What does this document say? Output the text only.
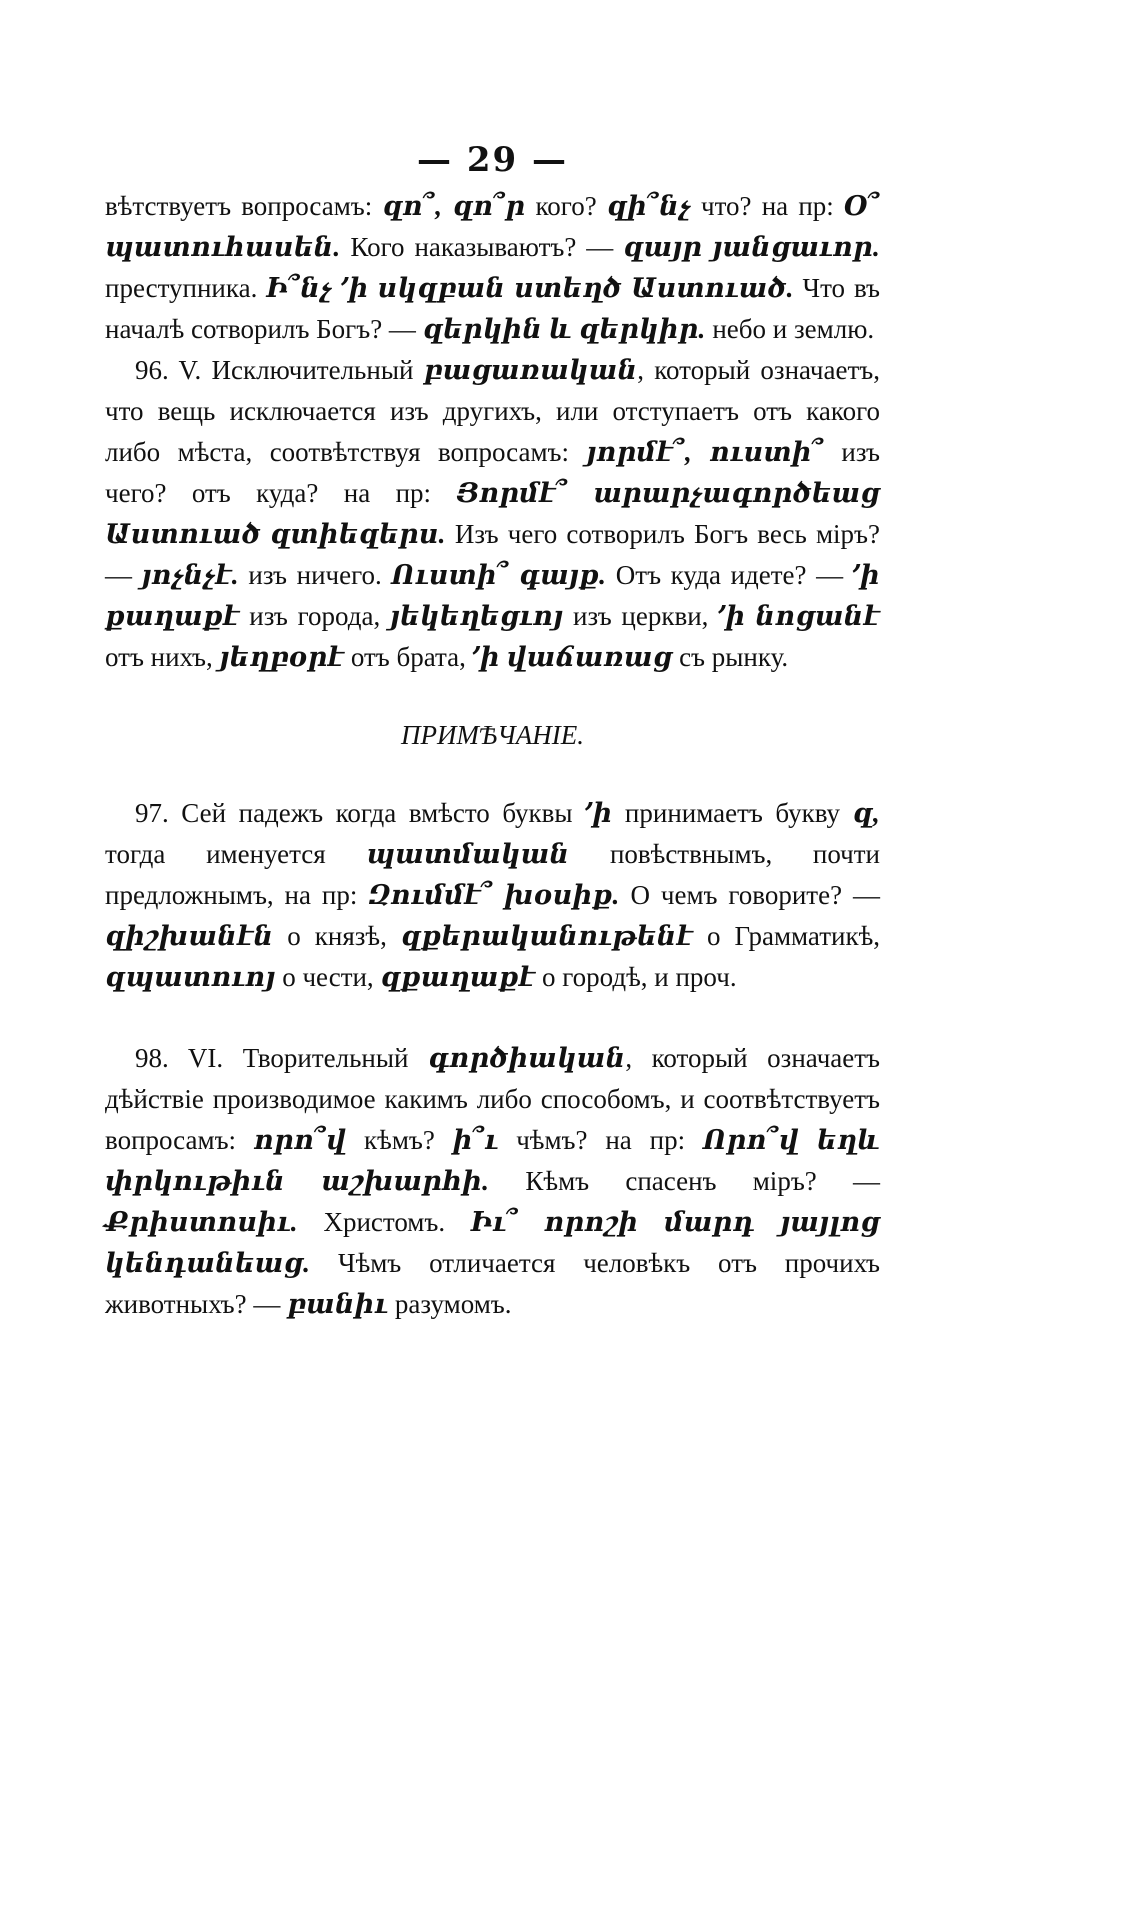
— 29 —

вѣтствуетъ вопросамъ: զո՞, զո՞ր кого? զի՞նչ что? на пр: Օ՞ պատուհասեն. Кого наказываютъ? — զայր յանցաւոր. преступника. Ի՞նչ ՚ի սկզբան ստեղծ Աստուած. Что въ началѣ сотворилъ Богъ? — զերկին և զերկիր. небо и землю.

96. V. Исключительный բացառական, который означаетъ, что вещь исключается изъ другихъ, или отступаетъ отъ какого либо мѣста, соотвѣтствуя вопросамъ: յորմէ՞, ուստի՞ изъ чего? отъ куда? на пр: Յորմէ՞ արարչագործեաց Աստուած զտիեզերս. Изъ чего сотворилъ Богъ весь міръ? — յոչնչէ. изъ ничего. Ուստի՞ գայք. Отъ куда идете? — ՚ի քաղաքէ изъ города, յեկեղեցւոյ изъ церкви, ՚ի նոցանէ отъ нихъ, յեղբօրէ отъ брата, ՚ի վաճառաց съ рынку.

ПРИМѢЧАНІЕ.

97. Сей падежъ когда вмѣсто буквы ՚ի принимаетъ букву զ, тогда именуется պատմական повѣствнымъ, почти предложнымъ, на пр: Զումմէ՞ խօսիք. О чемъ говорите? — զիշխանէն о князѣ, զքերականութենէ о Грамматикѣ, զպատուոյ о чести, զքաղաքէ о городѣ, и проч.

98. VI. Творительный գործիական, который означаетъ дѣйствіе производимое какимъ либо способомъ, и соотвѣтствуетъ вопросамъ: որո՞վ кѣмъ? ի՞ւ чѣмъ? на пр: Որո՞վ եղև փրկութիւն աշխարհի. Кѣмъ спасенъ міръ? — Քրիստոսիւ. Христомъ. Իւ՞ որոշի մարդ յայլոց կենդանեաց. Чѣмъ отличается человѣкъ отъ прочихъ животныхъ? — բանիւ разумомъ.
